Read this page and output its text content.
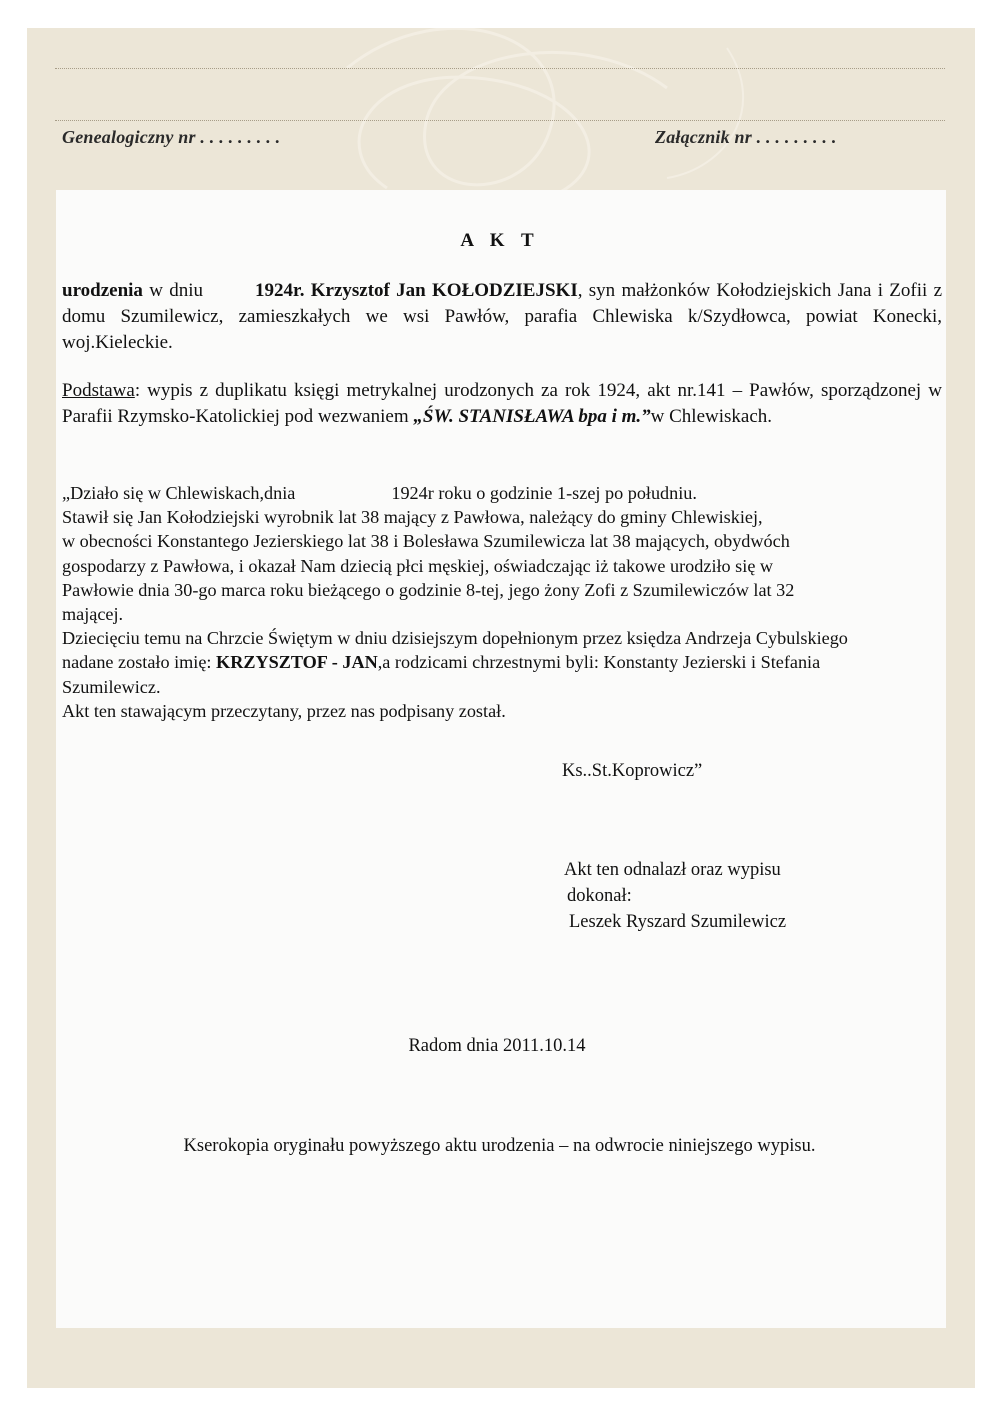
Genealogiczny nr . . . . . . . . .	Załącznik nr . . . . . . . . .
A K T
urodzenia w dniu	1924r. Krzysztof Jan KOŁODZIEJSKI, syn małżonków Kołodziejskich Jana i Zofii z domu Szumilewicz, zamieszkałych we wsi Pawłów, parafia Chlewiska k/Szydłowca, powiat Konecki, woj.Kieleckie.
Podstawa: wypis z duplikatu księgi metrykalnej urodzonych za rok 1924, akt nr.141 – Pawłów, sporządzonej w Parafii Rzymsko-Katolickiej pod wezwaniem „ŚW. STANISŁAWA bpa i m.”w Chlewiskach.
„Działo się w Chlewiskach,dnia	1924r roku o godzinie 1-szej po południu.
Stawił się Jan Kołodziejski wyrobnik lat 38 mający z Pawłowa, należący do gminy Chlewiskiej,
w obecności Konstantego Jezierskiego lat 38 i Bolesława Szumilewicza lat 38 mających, obydwóch
gospodarzy z Pawłowa, i okazał Nam dziecią płci męskiej, oświadczając iż takowe urodziło się w
Pawłowie dnia 30-go marca roku bieżącego o godzinie 8-tej, jego żony Zofi z Szumilewiczów lat 32
mającej.
Dziecięciu temu na Chrzcie Świętym w dniu dzisiejszym dopełnionym przez księdza Andrzeja Cybulskiego
nadane zostało imię: KRZYSZTOF - JAN,a rodzicami chrzestnymi byli: Konstanty Jezierski i Stefania
Szumilewicz.
Akt ten stawającym przeczytany, przez nas podpisany został.
Ks..St.Koprowicz”
Akt ten odnalazł oraz wypisu
dokonał:
Leszek Ryszard Szumilewicz
Radom dnia 2011.10.14
Kserokopia oryginału powyższego aktu urodzenia – na odwrocie niniejszego wypisu.
